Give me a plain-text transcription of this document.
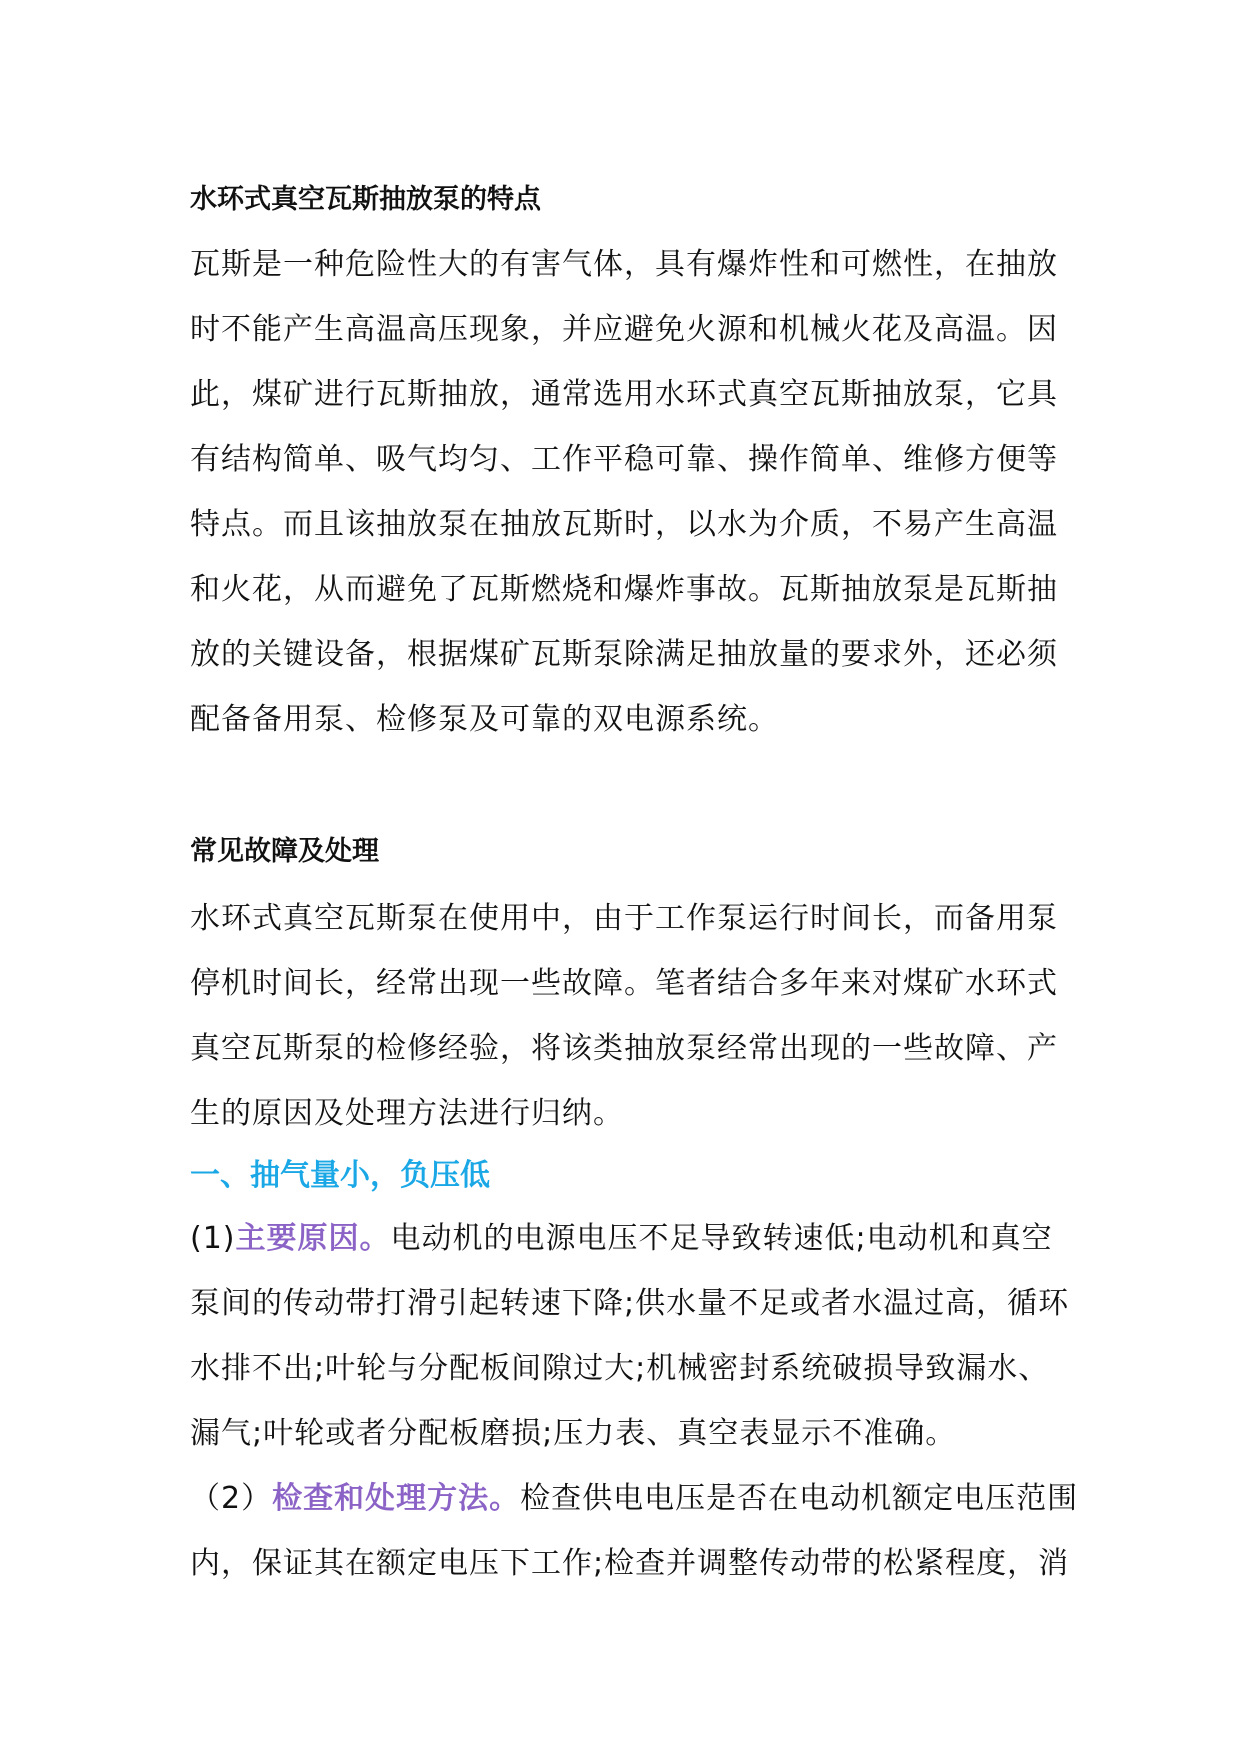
水环式真空瓦斯抽放泵的特点
瓦斯是一种危险性大的有害气体，具有爆炸性和可燃性，在抽放
时不能产生高温高压现象，并应避免火源和机械火花及高温。因
此，煤矿进行瓦斯抽放，通常选用水环式真空瓦斯抽放泵，它具
有结构简单、吸气均匀、工作平稳可靠、操作简单、维修方便等
特点。而且该抽放泵在抽放瓦斯时，以水为介质，不易产生高温
和火花，从而避免了瓦斯燃烧和爆炸事故。瓦斯抽放泵是瓦斯抽
放的关键设备，根据煤矿瓦斯泵除满足抽放量的要求外，还必须
配备备用泵、检修泵及可靠的双电源系统。
常见故障及处理
水环式真空瓦斯泵在使用中，由于工作泵运行时间长，而备用泵
停机时间长，经常出现一些故障。笔者结合多年来对煤矿水环式
真空瓦斯泵的检修经验，将该类抽放泵经常出现的一些故障、产
生的原因及处理方法进行归纳。
一、抽气量小，负压低
(1)主要原因。电动机的电源电压不足导致转速低;电动机和真空
泵间的传动带打滑引起转速下降;供水量不足或者水温过高，循环
水排不出;叶轮与分配板间隙过大;机械密封系统破损导致漏水、
漏气;叶轮或者分配板磨损;压力表、真空表显示不准确。
（2）检查和处理方法。检查供电电压是否在电动机额定电压范围
内，保证其在额定电压下工作;检查并调整传动带的松紧程度，消
